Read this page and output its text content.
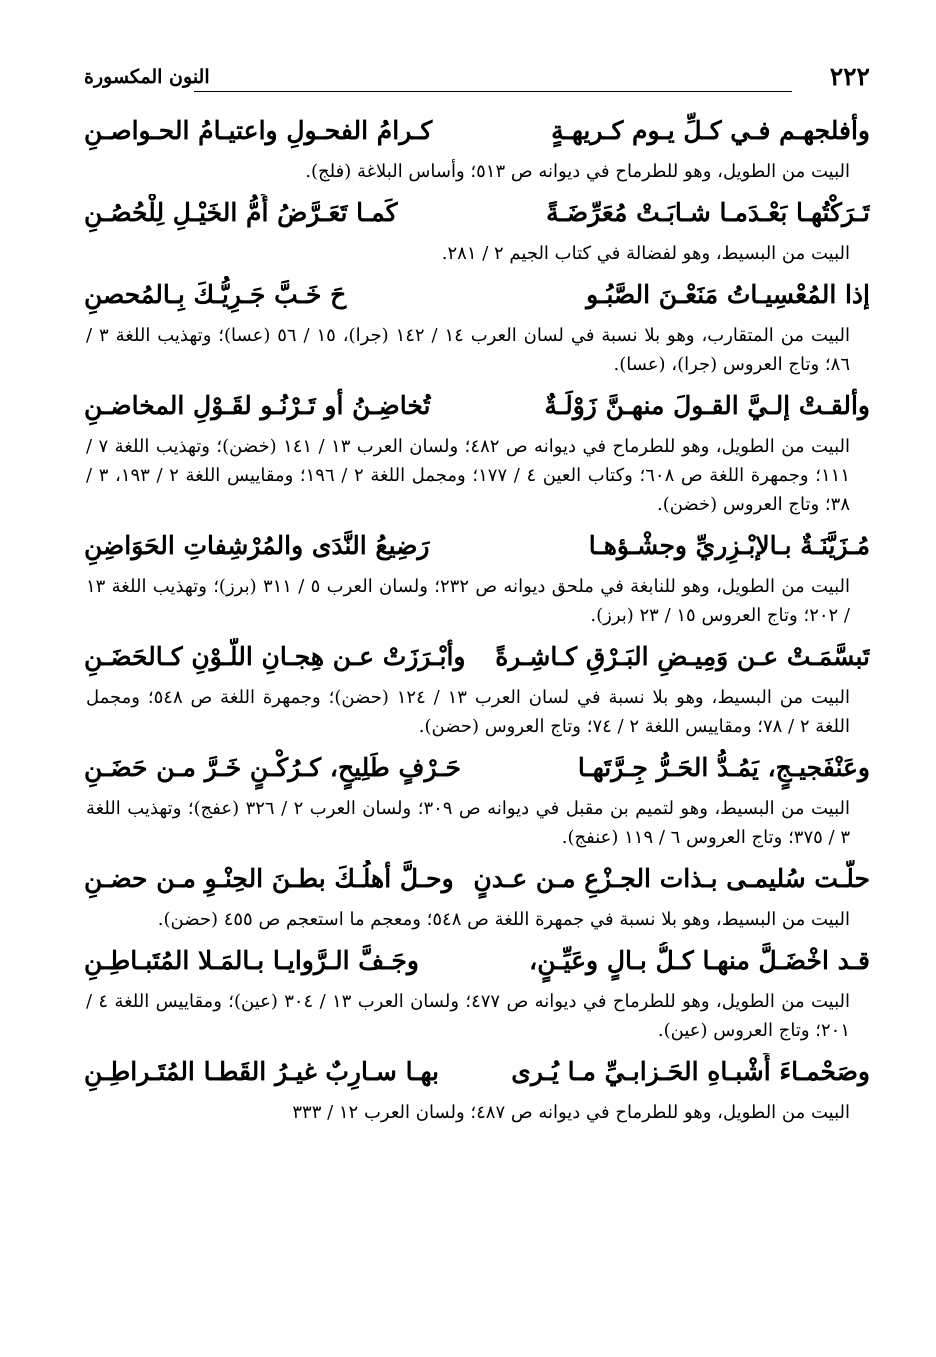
٢٢٢
النون المكسورة
وأفلجهـم فـي كـلِّ يـوم كـريهـةٍ
كـرامُ الفحـولِ واعتيـامُ الحـواصـنِ
البيت من الطويل، وهو للطرماح في ديوانه ص ٥١٣؛ وأساس البلاغة (فلج).
تَـرَكْتُهـا بَعْـدَمـا شـابَـتْ مُعَرِّضَـةً
كَمـا تَعَـرَّضُ أُمُّ الخَيْـلِ لِلْحُصُـنِ
البيت من البسيط، وهو لفضالة في كتاب الجيم ٢ / ٢٨١.
إذا المُعْسِيـاتُ مَنَعْـنَ الصَّبُـو
حَ خَـبَّ جَـرِيُّـكَ بِـالمُحصنِ
البيت من المتقارب، وهو بلا نسبة في لسان العرب ١٤ / ١٤٢ (جرا)، ١٥ / ٥٦ (عسا)؛ وتهذيب اللغة ٣ / ٨٦؛ وتاج العروس (جرا)، (عسا).
وألقـتْ إلـيَّ القـولَ منهـنَّ زَوْلَـةٌ
تُخاضِـنُ أو تَـرْنُـو لقَـوْلِ المخاضـنِ
البيت من الطويل، وهو للطرماح في ديوانه ص ٤٨٢؛ ولسان العرب ١٣ / ١٤١ (خضن)؛ وتهذيب اللغة ٧ / ١١١؛ وجمهرة اللغة ص ٦٠٨؛ وكتاب العين ٤ / ١٧٧؛ ومجمل اللغة ٢ / ١٩٦؛ ومقاييس اللغة ٢ / ١٩٣، ٣ / ٣٨؛ وتاج العروس (خضن).
مُـزَيَّنَـةٌ بـالإبْـزِريِّ وجشْـؤهـا
رَضِيعُ النَّدَى والمُرْشِفاتِ الحَوَاضِنِ
البيت من الطويل، وهو للنابغة في ملحق ديوانه ص ٢٣٢؛ ولسان العرب ٥ / ٣١١ (برز)؛ وتهذيب اللغة ١٣ / ٢٠٢؛ وتاج العروس ١٥ / ٢٣ (برز).
تَبسَّمَـتْ عـن وَمِيـضِ البَـرْقِ كـاشِـرةً
وأبْـرَزَتْ عـن هِجـانِ اللَّـوْنِ كـالحَضَـنِ
البيت من البسيط، وهو بلا نسبة في لسان العرب ١٣ / ١٢٤ (حضن)؛ وجمهرة اللغة ص ٥٤٨؛ ومجمل اللغة ٢ / ٧٨؛ ومقاييس اللغة ٢ / ٧٤؛ وتاج العروس (حضن).
وعَنْفَجيـجٍ، يَمُـدُّ الحَـرُّ جِـرَّتَهـا
حَـرْفٍ طَلِيحٍ، كـرُكْـنٍ خَـرَّ مـن حَضَـنِ
البيت من البسيط، وهو لتميم بن مقبل في ديوانه ص ٣٠٩؛ ولسان العرب ٢ / ٣٢٦ (عفج)؛ وتهذيب اللغة ٣ / ٣٧٥؛ وتاج العروس ٦ / ١١٩ (عنفج).
حلَّـت سُليمـى بـذات الجـزْعِ مـن عـدنٍ
وحـلَّ أهلُـكَ بطـنَ الحِنْـوِ مـن حضـنِ
البيت من البسيط، وهو بلا نسبة في جمهرة اللغة ص ٥٤٨؛ ومعجم ما استعجم ص ٤٥٥ (حضن).
قـد اخْضَـلَّ منهـا كـلُّ بـالٍ وعَيِّـنٍ،
وجَـفَّ الـرَّوايـا بـالمَـلا المُتَبـاطِـنِ
البيت من الطويل، وهو للطرماح في ديوانه ص ٤٧٧؛ ولسان العرب ١٣ / ٣٠٤ (عين)؛ ومقاييس اللغة ٤ / ٢٠١؛ وتاج العروس (عين).
وصَحْمـاءَ أَشْبـاهِ الحَـزابـيِّ مـا يُـرى
بهـا سـارِبٌ غيـرُ القَطـا المُتَـراطِـنِ
البيت من الطويل، وهو للطرماح في ديوانه ص ٤٨٧؛ ولسان العرب ١٢ / ٣٣٣
